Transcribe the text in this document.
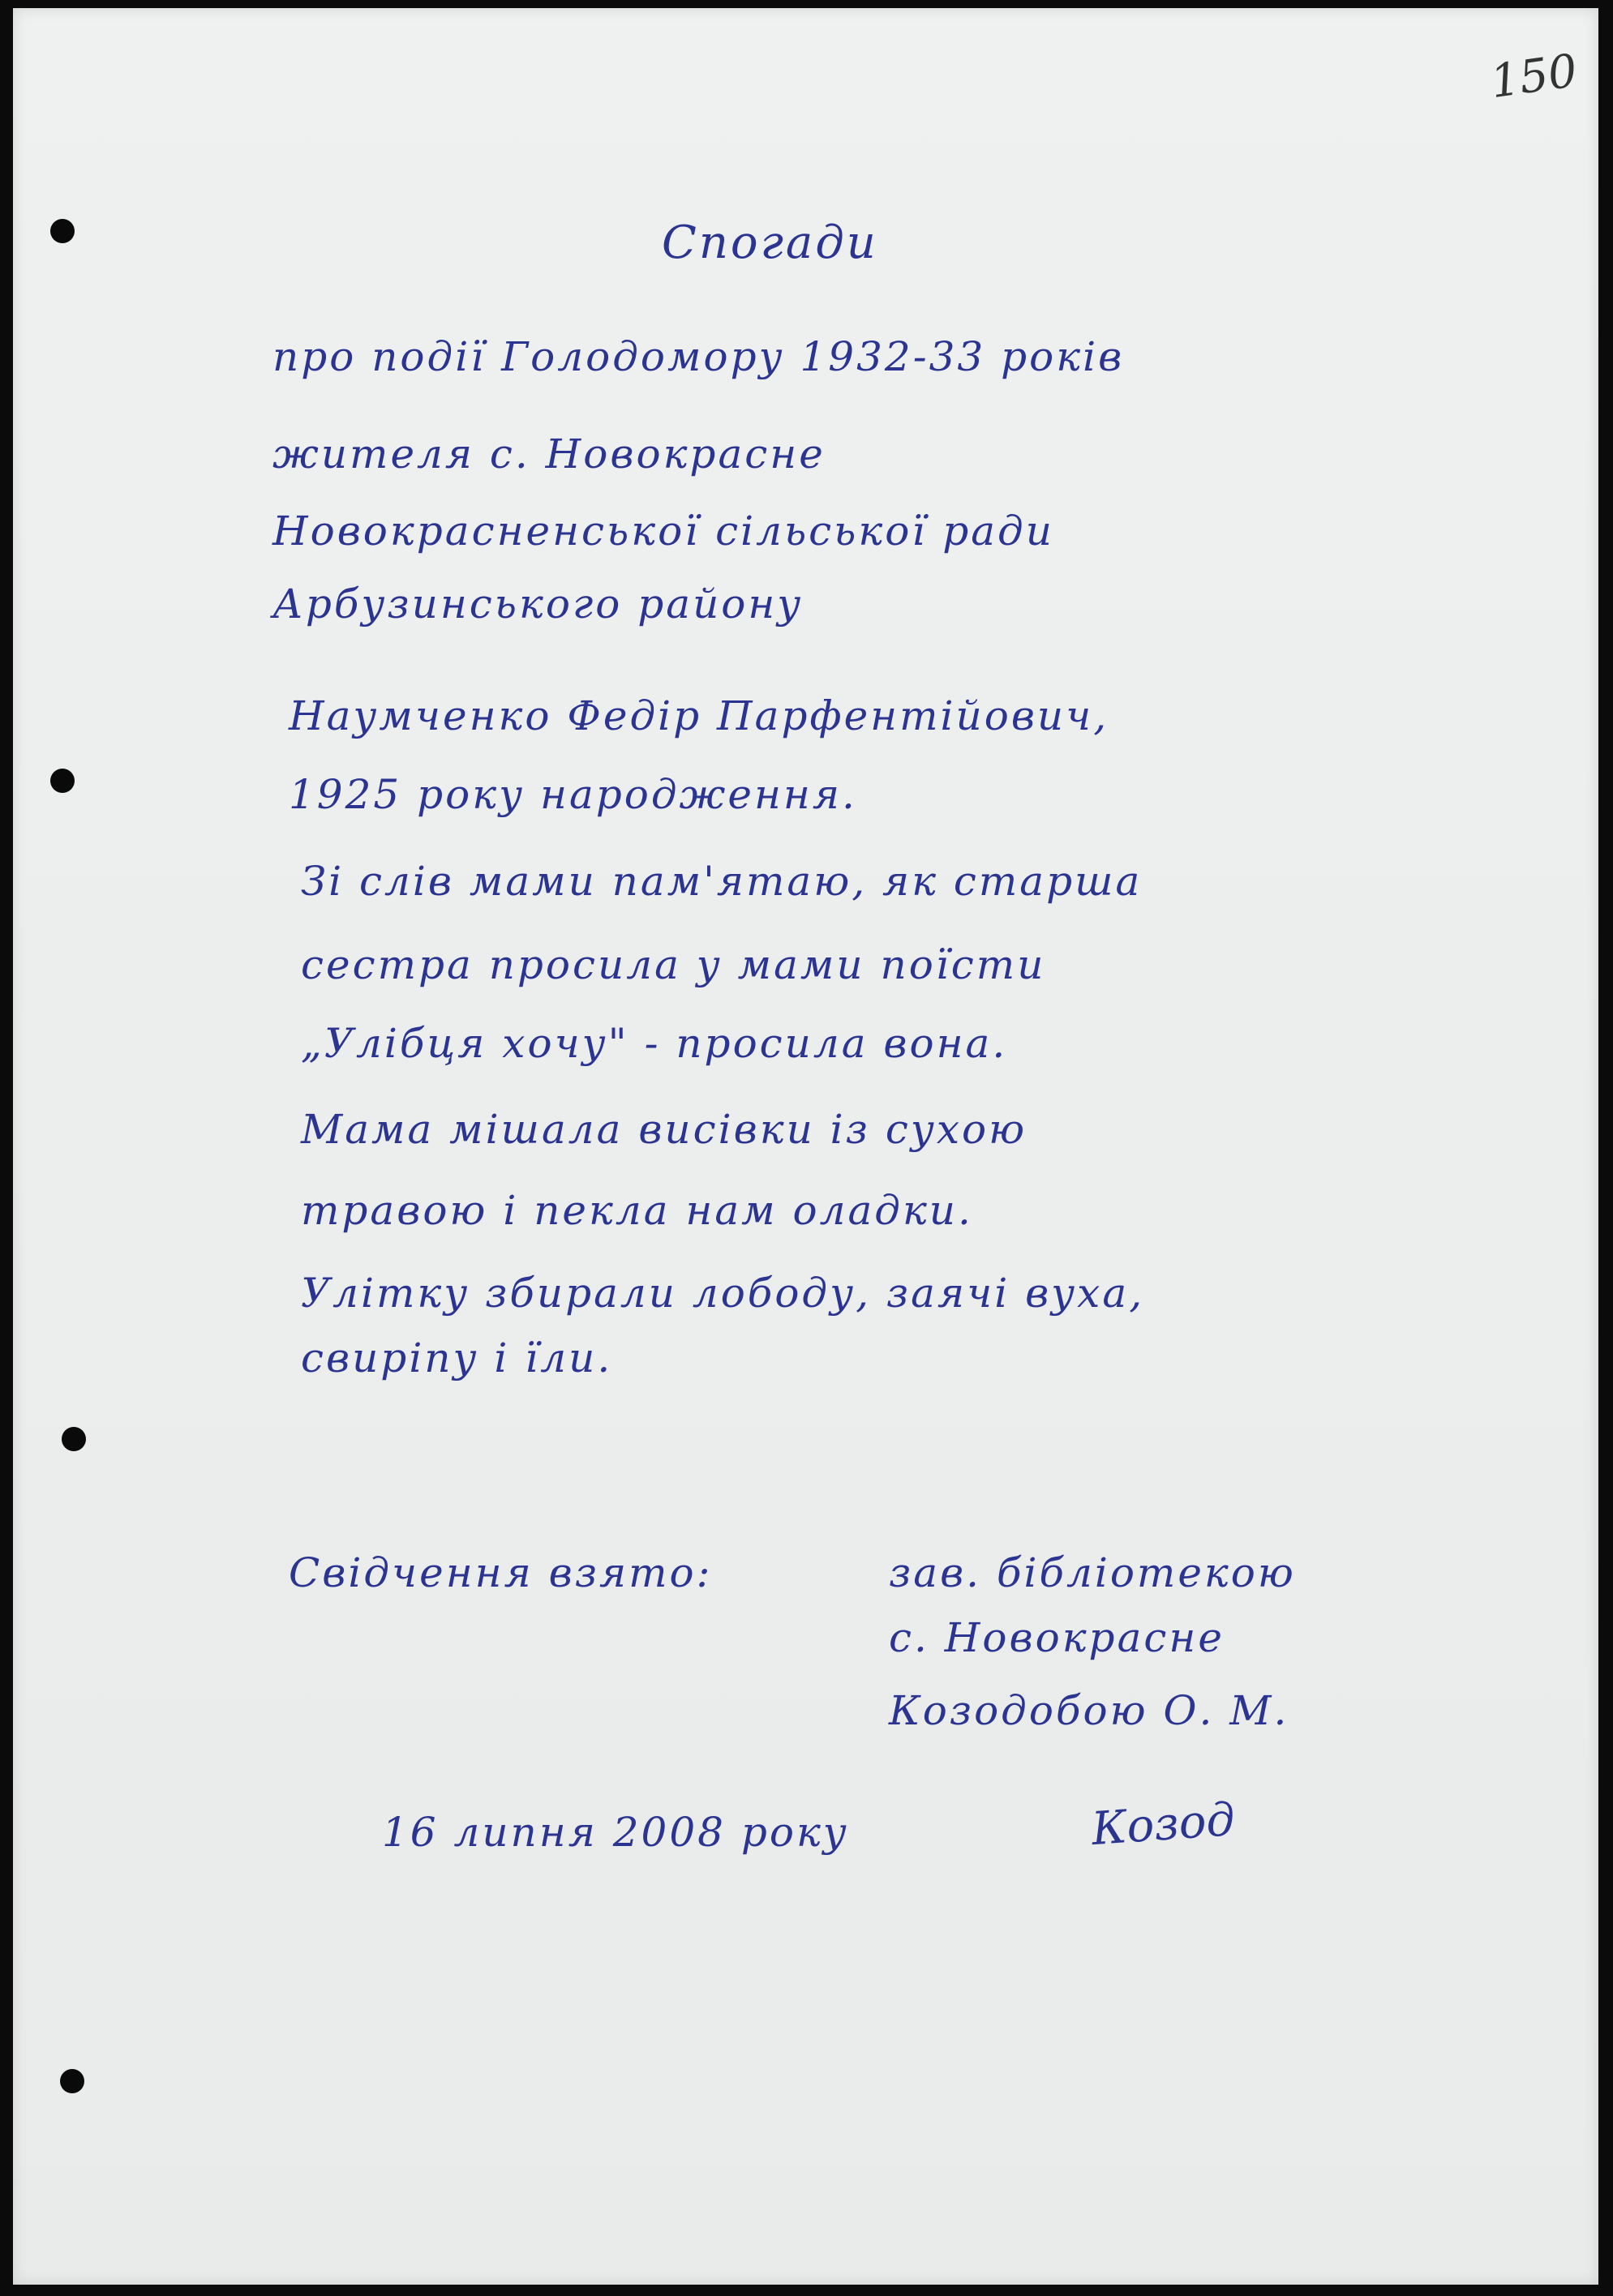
150

Спогади

про події Голодомору 1932-33 років

жителя с. Новокрасне

Новокрасненської сільської ради

Арбузинського району

Наумченко Федір Парфентійович,

1925 року народження.

Зі слів мами пам'ятаю, як старша

сестра просила у мами поїсти

„Улібця хочу" - просила вона.

Мама мішала висівки із сухою

травою і пекла нам оладки.

Улітку збирали лободу, заячі вуха,

свиріпу і їли.

Свідчення взято:	зав. бібліотекою

с. Новокрасне

Козодобою О. М.

16 липня 2008 року	Козод
